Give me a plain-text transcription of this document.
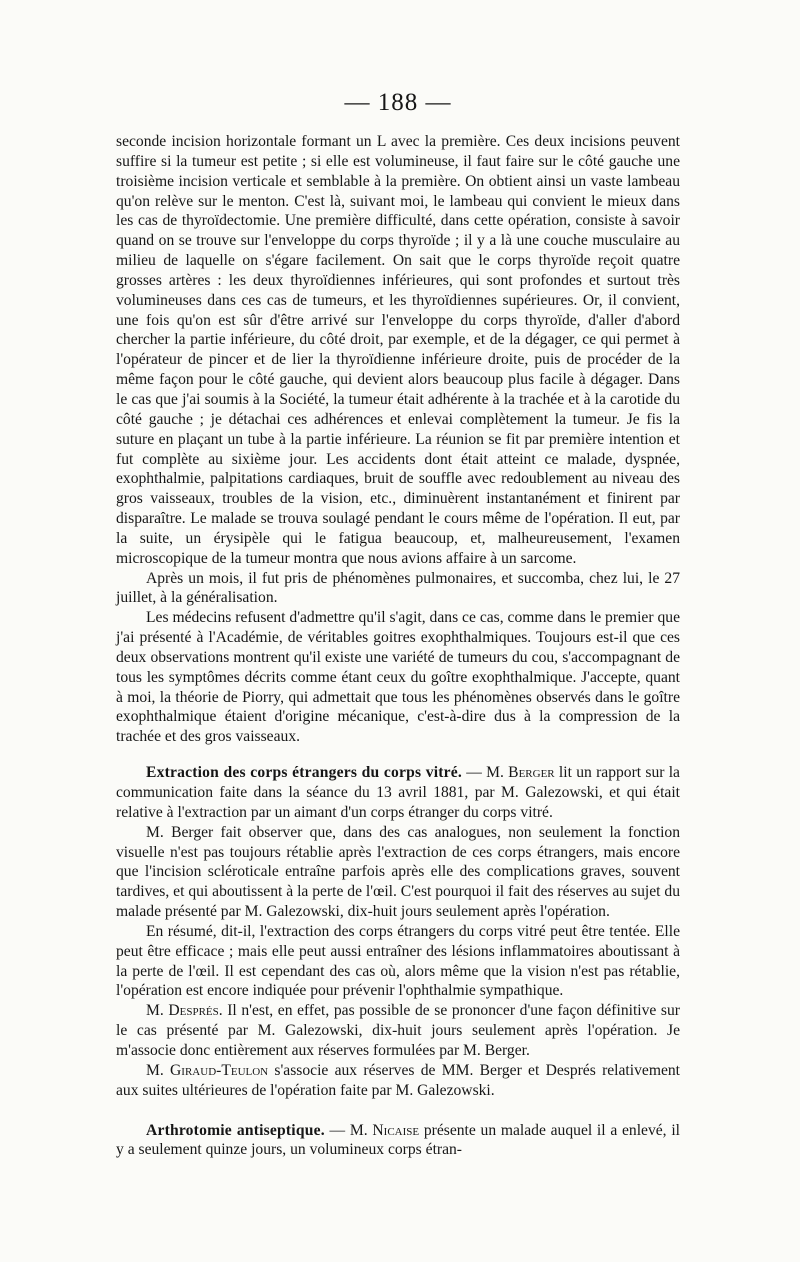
— 188 —

seconde incision horizontale formant un L avec la première. Ces deux incisions peuvent suffire si la tumeur est petite ; si elle est volumineuse, il faut faire sur le côté gauche une troisième incision verticale et semblable à la première. On obtient ainsi un vaste lambeau qu'on relève sur le menton. C'est là, suivant moi, le lambeau qui convient le mieux dans les cas de thyroïdectomie. Une première difficulté, dans cette opération, consiste à savoir quand on se trouve sur l'enveloppe du corps thyroïde ; il y a là une couche musculaire au milieu de laquelle on s'égare facilement. On sait que le corps thyroïde reçoit quatre grosses artères : les deux thyroïdiennes inférieures, qui sont profondes et surtout très volumineuses dans ces cas de tumeurs, et les thyroïdiennes supérieures. Or, il convient, une fois qu'on est sûr d'être arrivé sur l'enveloppe du corps thyroïde, d'aller d'abord chercher la partie inférieure, du côté droit, par exemple, et de la dégager, ce qui permet à l'opérateur de pincer et de lier la thyroïdienne inférieure droite, puis de procéder de la même façon pour le côté gauche, qui devient alors beaucoup plus facile à dégager. Dans le cas que j'ai soumis à la Société, la tumeur était adhérente à la trachée et à la carotide du côté gauche ; je détachai ces adhérences et enlevai complètement la tumeur. Je fis la suture en plaçant un tube à la partie inférieure. La réunion se fit par première intention et fut complète au sixième jour. Les accidents dont était atteint ce malade, dyspnée, exophthalmie, palpitations cardiaques, bruit de souffle avec redoublement au niveau des gros vaisseaux, troubles de la vision, etc., diminuèrent instantanément et finirent par disparaître. Le malade se trouva soulagé pendant le cours même de l'opération. Il eut, par la suite, un érysipèle qui le fatigua beaucoup, et, malheureusement, l'examen microscopique de la tumeur montra que nous avions affaire à un sarcome.

Après un mois, il fut pris de phénomènes pulmonaires, et succomba, chez lui, le 27 juillet, à la généralisation.

Les médecins refusent d'admettre qu'il s'agit, dans ce cas, comme dans le premier que j'ai présenté à l'Académie, de véritables goitres exophthalmiques. Toujours est-il que ces deux observations montrent qu'il existe une variété de tumeurs du cou, s'accompagnant de tous les symptômes décrits comme étant ceux du goître exophthalmique. J'accepte, quant à moi, la théorie de Piorry, qui admettait que tous les phénomènes observés dans le goître exophthalmique étaient d'origine mécanique, c'est-à-dire dus à la compression de la trachée et des gros vaisseaux.

Extraction des corps étrangers du corps vitré. — M. Berger lit un rapport sur la communication faite dans la séance du 13 avril 1881, par M. Galezowski, et qui était relative à l'extraction par un aimant d'un corps étranger du corps vitré.

M. Berger fait observer que, dans des cas analogues, non seulement la fonction visuelle n'est pas toujours rétablie après l'extraction de ces corps étrangers, mais encore que l'incision scléroticale entraîne parfois après elle des complications graves, souvent tardives, et qui aboutissent à la perte de l'œil. C'est pourquoi il fait des réserves au sujet du malade présenté par M. Galezowski, dix-huit jours seulement après l'opération.

En résumé, dit-il, l'extraction des corps étrangers du corps vitré peut être tentée. Elle peut être efficace ; mais elle peut aussi entraîner des lésions inflammatoires aboutissant à la perte de l'œil. Il est cependant des cas où, alors même que la vision n'est pas rétablie, l'opération est encore indiquée pour prévenir l'ophthalmie sympathique.

M. Després. Il n'est, en effet, pas possible de se prononcer d'une façon définitive sur le cas présenté par M. Galezowski, dix-huit jours seulement après l'opération. Je m'associe donc entièrement aux réserves formulées par M. Berger.

M. Giraud-Teulon s'associe aux réserves de MM. Berger et Després relativement aux suites ultérieures de l'opération faite par M. Galezowski.

Arthrotomie antiseptique. — M. Nicaise présente un malade auquel il a enlevé, il y a seulement quinze jours, un volumineux corps étran-
